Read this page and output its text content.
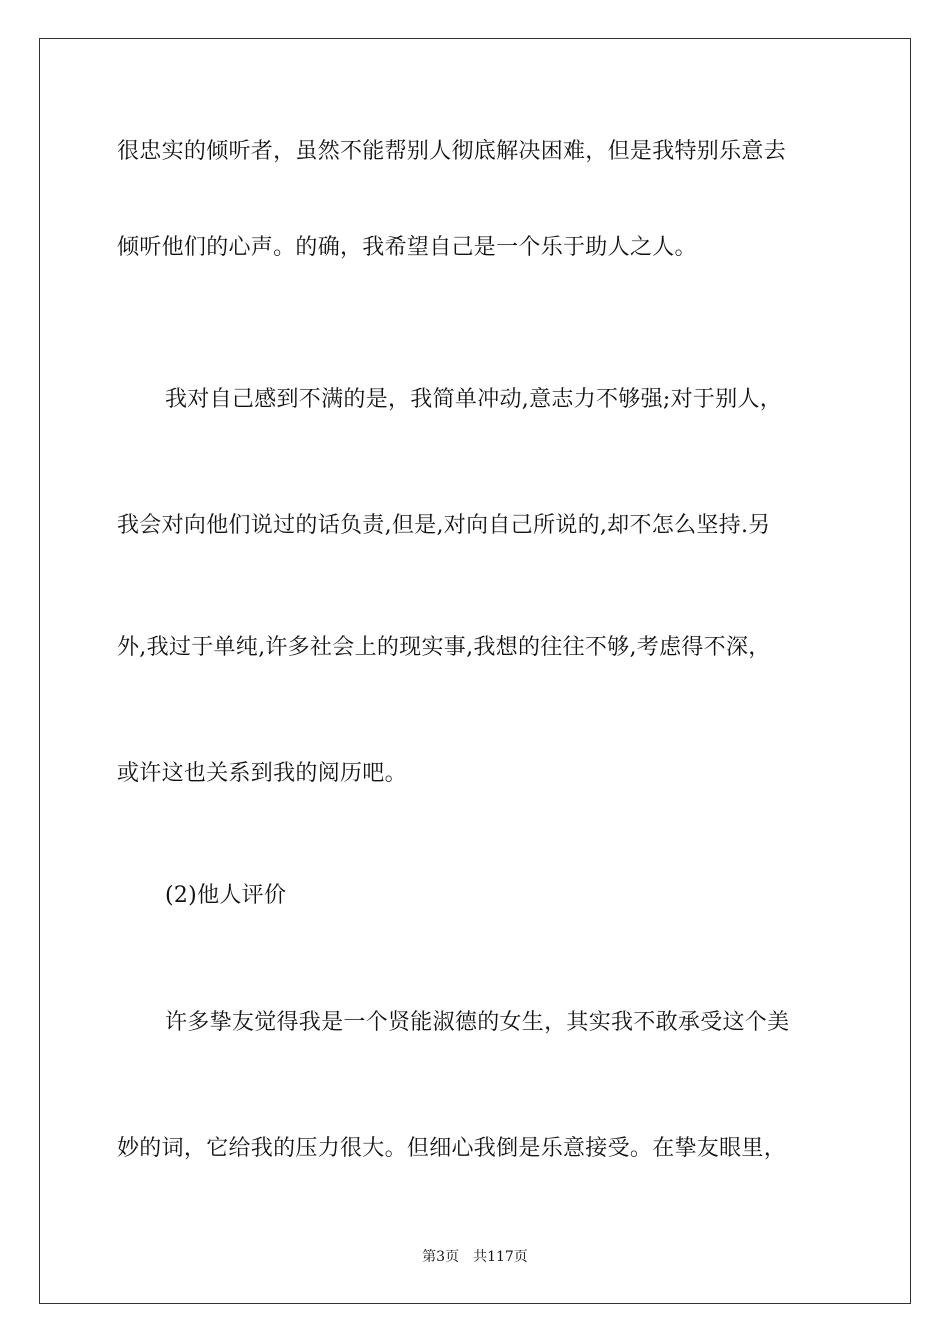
很忠实的倾听者，虽然不能帮别人彻底解决困难，但是我特别乐意去
倾听他们的心声。的确，我希望自己是一个乐于助人之人。
我对自己感到不满的是，我简单冲动,意志力不够强;对于别人，
我会对向他们说过的话负责,但是,对向自己所说的,却不怎么坚持.另
外,我过于单纯,许多社会上的现实事,我想的往往不够,考虑得不深，
或许这也关系到我的阅历吧。
(2)他人评价
许多挚友觉得我是一个贤能淑德的女生，其实我不敢承受这个美
妙的词，它给我的压力很大。但细心我倒是乐意接受。在挚友眼里，
第3页　共117页
